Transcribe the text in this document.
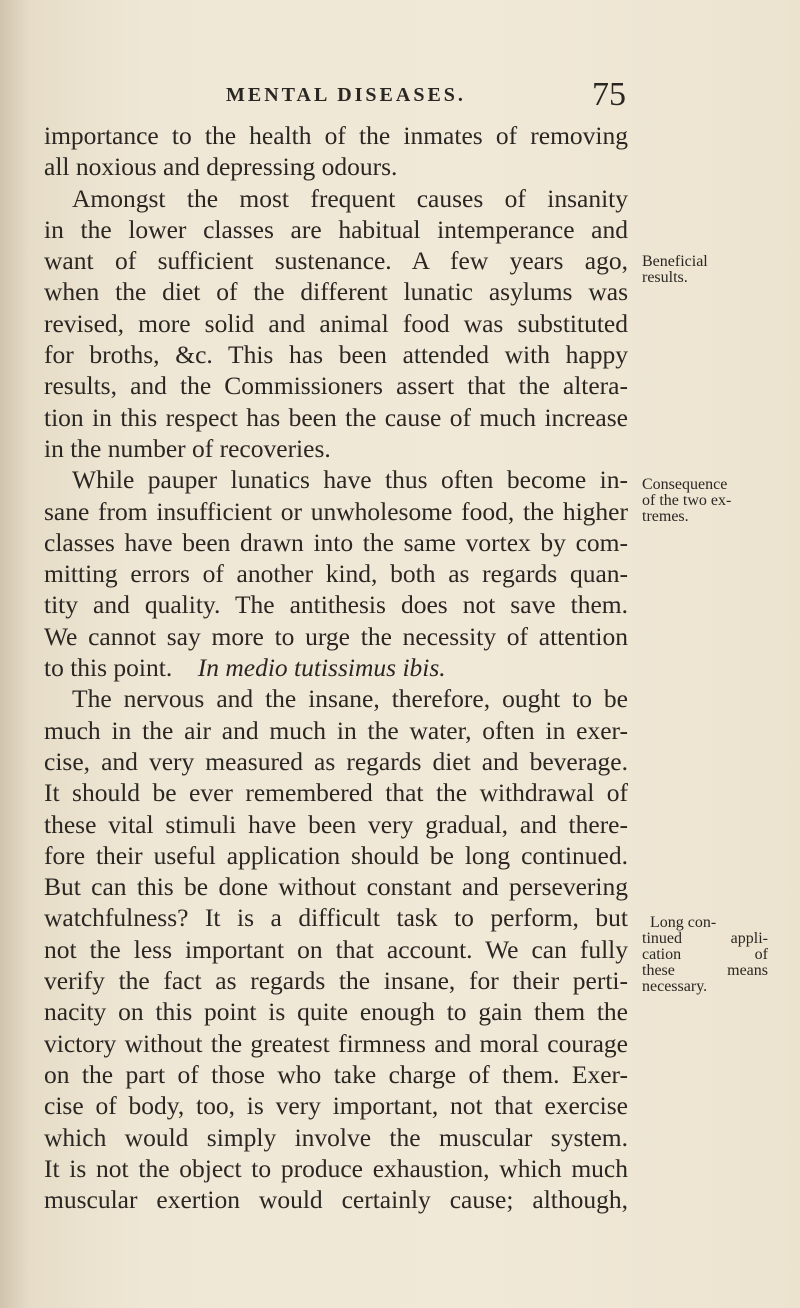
MENTAL DISEASES.	75
importance to the health of the inmates of removing
all noxious and depressing odours.
Amongst the most frequent causes of insanity
in the lower classes are habitual intemperance and
want of sufficient sustenance. A few years ago,
when the diet of the different lunatic asylums was
revised, more solid and animal food was substituted
for broths, &c. This has been attended with happy
results, and the Commissioners assert that the altera-
tion in this respect has been the cause of much increase
in the number of recoveries.
While pauper lunatics have thus often become in-
sane from insufficient or unwholesome food, the higher
classes have been drawn into the same vortex by com-
mitting errors of another kind, both as regards quan-
tity and quality. The antithesis does not save them.
We cannot say more to urge the necessity of attention
to this point. In medio tutissimus ibis.
The nervous and the insane, therefore, ought to be
much in the air and much in the water, often in exer-
cise, and very measured as regards diet and beverage.
It should be ever remembered that the withdrawal of
these vital stimuli have been very gradual, and there-
fore their useful application should be long continued.
But can this be done without constant and persevering
watchfulness? It is a difficult task to perform, but
not the less important on that account. We can fully
verify the fact as regards the insane, for their perti-
nacity on this point is quite enough to gain them the
victory without the greatest firmness and moral courage
on the part of those who take charge of them. Exer-
cise of body, too, is very important, not that exercise
which would simply involve the muscular system.
It is not the object to produce exhaustion, which much
muscular exertion would certainly cause; although,
Beneficial
results.
Consequence
of the two ex-
tremes.
Long con-
tinued appli-
cation of
these means
necessary.
